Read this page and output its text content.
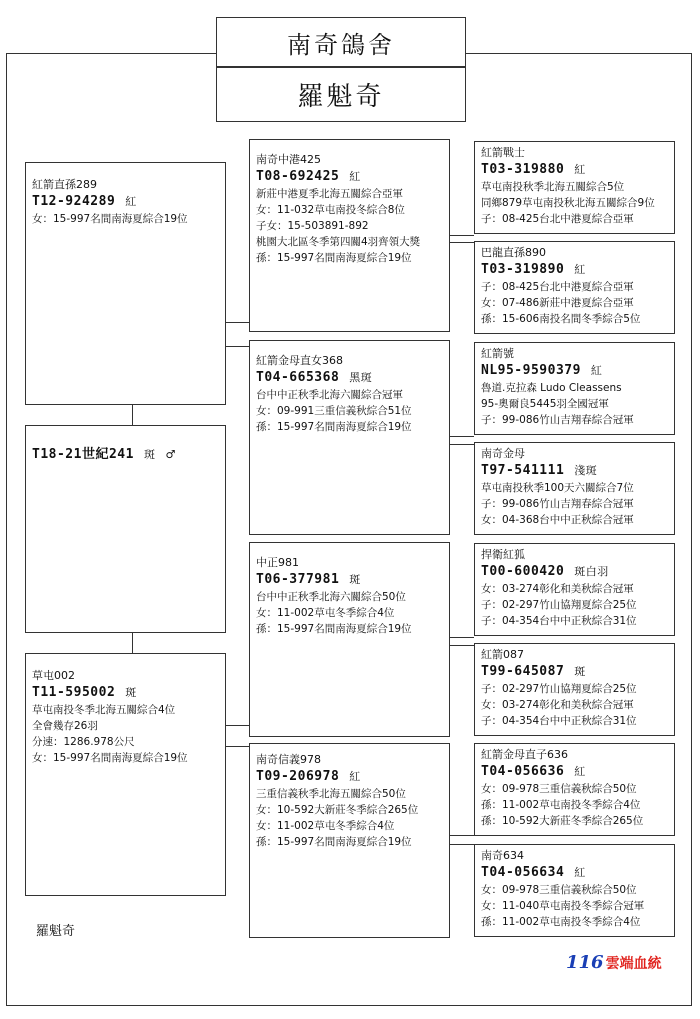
南奇鴿舍
羅魁奇
紅箭直孫289
T12-924289 紅
女：15-997名間南海夏綜合19位
T18-21世紀241 斑 ♂
草屯002
T11-595002 斑
草屯南投冬季北海五關綜合4位
全會幾存26羽
分速：1286.978公尺
女：15-997名間南海夏綜合19位
南奇中港425
T08-692425 紅
新莊中港夏季北海五關綜合亞軍
女：11-032草屯南投冬綜合8位
子女：15-503891-892
桃園大北區冬季第四關4羽齊領大獎
孫：15-997名間南海夏綜合19位
紅箭金母直女368
T04-665368 黑斑
台中中正秋季北海六關綜合冠軍
女：09-991三重信義秋綜合51位
孫：15-997名間南海夏綜合19位
中正981
T06-377981 斑
台中中正秋季北海六關綜合50位
女：11-002草屯冬季綜合4位
孫：15-997名間南海夏綜合19位
南奇信義978
T09-206978 紅
三重信義秋季北海五關綜合50位
女：10-592大新莊冬季綜合265位
女：11-002草屯冬季綜合4位
孫：15-997名間南海夏綜合19位
紅箭戰士
T03-319880 紅
草屯南投秋季北海五關綜合5位
同鄉879草屯南投秋北海五關綜合9位
子：08-425台北中港夏綜合亞軍
巴龍直孫890
T03-319890 紅
子：08-425台北中港夏綜合亞軍
女：07-486新莊中港夏綜合亞軍
孫：15-606南投名間冬季綜合5位
紅箭號
NL95-9590379 紅
魯道.克拉森 Ludo Cleassens
95-奧爾良5445羽全國冠軍
子：99-086竹山吉翔春綜合冠軍
南奇金母
T97-541111 淺斑
草屯南投秋季100天六關綜合7位
子：99-086竹山吉翔春綜合冠軍
女：04-368台中中正秋綜合冠軍
捍衛紅狐
T00-600420 斑白羽
女：03-274彰化和美秋綜合冠軍
子：02-297竹山協翔夏綜合25位
子：04-354台中中正秋綜合31位
紅箭087
T99-645087 斑
子：02-297竹山協翔夏綜合25位
女：03-274彰化和美秋綜合冠軍
子：04-354台中中正秋綜合31位
紅箭金母直子636
T04-056636 紅
女：09-978三重信義秋綜合50位
孫：11-002草屯南投冬季綜合4位
孫：10-592大新莊冬季綜合265位
南奇634
T04-056634 紅
女：09-978三重信義秋綜合50位
女：11-040草屯南投冬季綜合冠軍
孫：11-002草屯南投冬季綜合4位
羅魁奇
116 雲端血統
